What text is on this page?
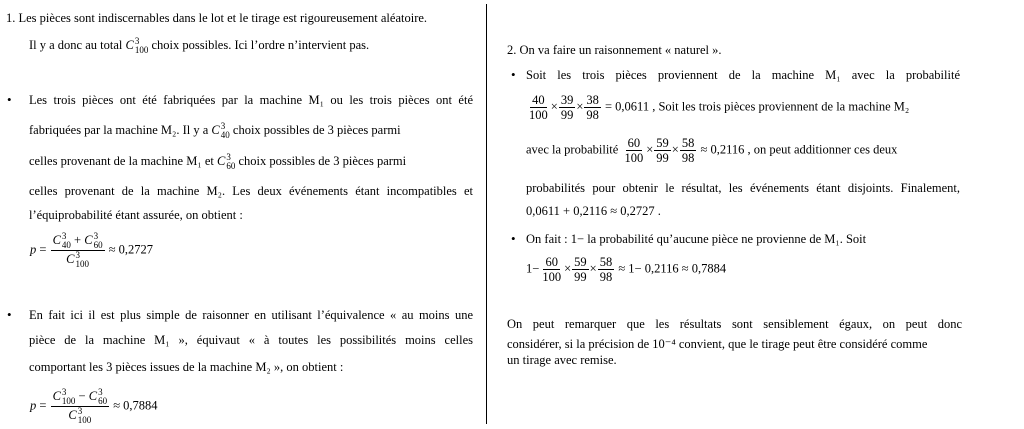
1. Les pièces sont indiscernables dans le lot et le tirage est rigoureusement aléatoire.
Il y a donc au total C 3
100 choix possibles. Ici l’ordre n’intervient pas.
• Les trois pièces ont été fabriquées par la machine M₁ ou les trois pièces ont été
fabriquées par la machine M₂. Il y a C 3
40 choix possibles de 3 pièces parmi
celles provenant de la machine M₁ et C 3
60 choix possibles de 3 pièces parmi
celles provenant de la machine M₂. Les deux événements étant incompatibles et
l’équiprobabilité étant assurée, on obtient :
p = C 3
40 + C 3
60
C 3
100 ≈ 0,2727
• En fait ici il est plus simple de raisonner en utilisant l’équivalence « au moins une
pièce de la machine M₁ », équivaut « à toutes les possibilités moins celles
comportant les 3 pièces issues de la machine M₂ », on obtient :
p = C 3
100 − C 3
60
C 3
100 ≈ 0,7884
2. On va faire un raisonnement « naturel ».
• Soit les trois pièces proviennent de la machine M₁ avec la probabilité
$\frac{40}{100} \times \frac{39}{99} \times \frac{38}{98} = 0,0611$ , Soit les trois pièces proviennent de la machine M₂
avec la probabilité $\frac{60}{100} \times \frac{59}{99} \times \frac{58}{98} \approx 0,2116$ , on peut additionner ces deux
probabilités pour obtenir le résultat, les événements étant disjoints. Finalement,
0,0611 + 0,2116 ≈ 0,2727 .
• On fait : 1− la probabilité qu’aucune pièce ne provienne de M₁. Soit
$1- \frac{60}{100} \times \frac{59}{99} \times \frac{58}{98} \approx 1- 0,2116 \approx 0,7884$
On peut remarquer que les résultats sont sensiblement égaux, on peut donc
considérer, si la précision de 10⁻⁴ convient, que le tirage peut être considéré comme
un tirage avec remise.
